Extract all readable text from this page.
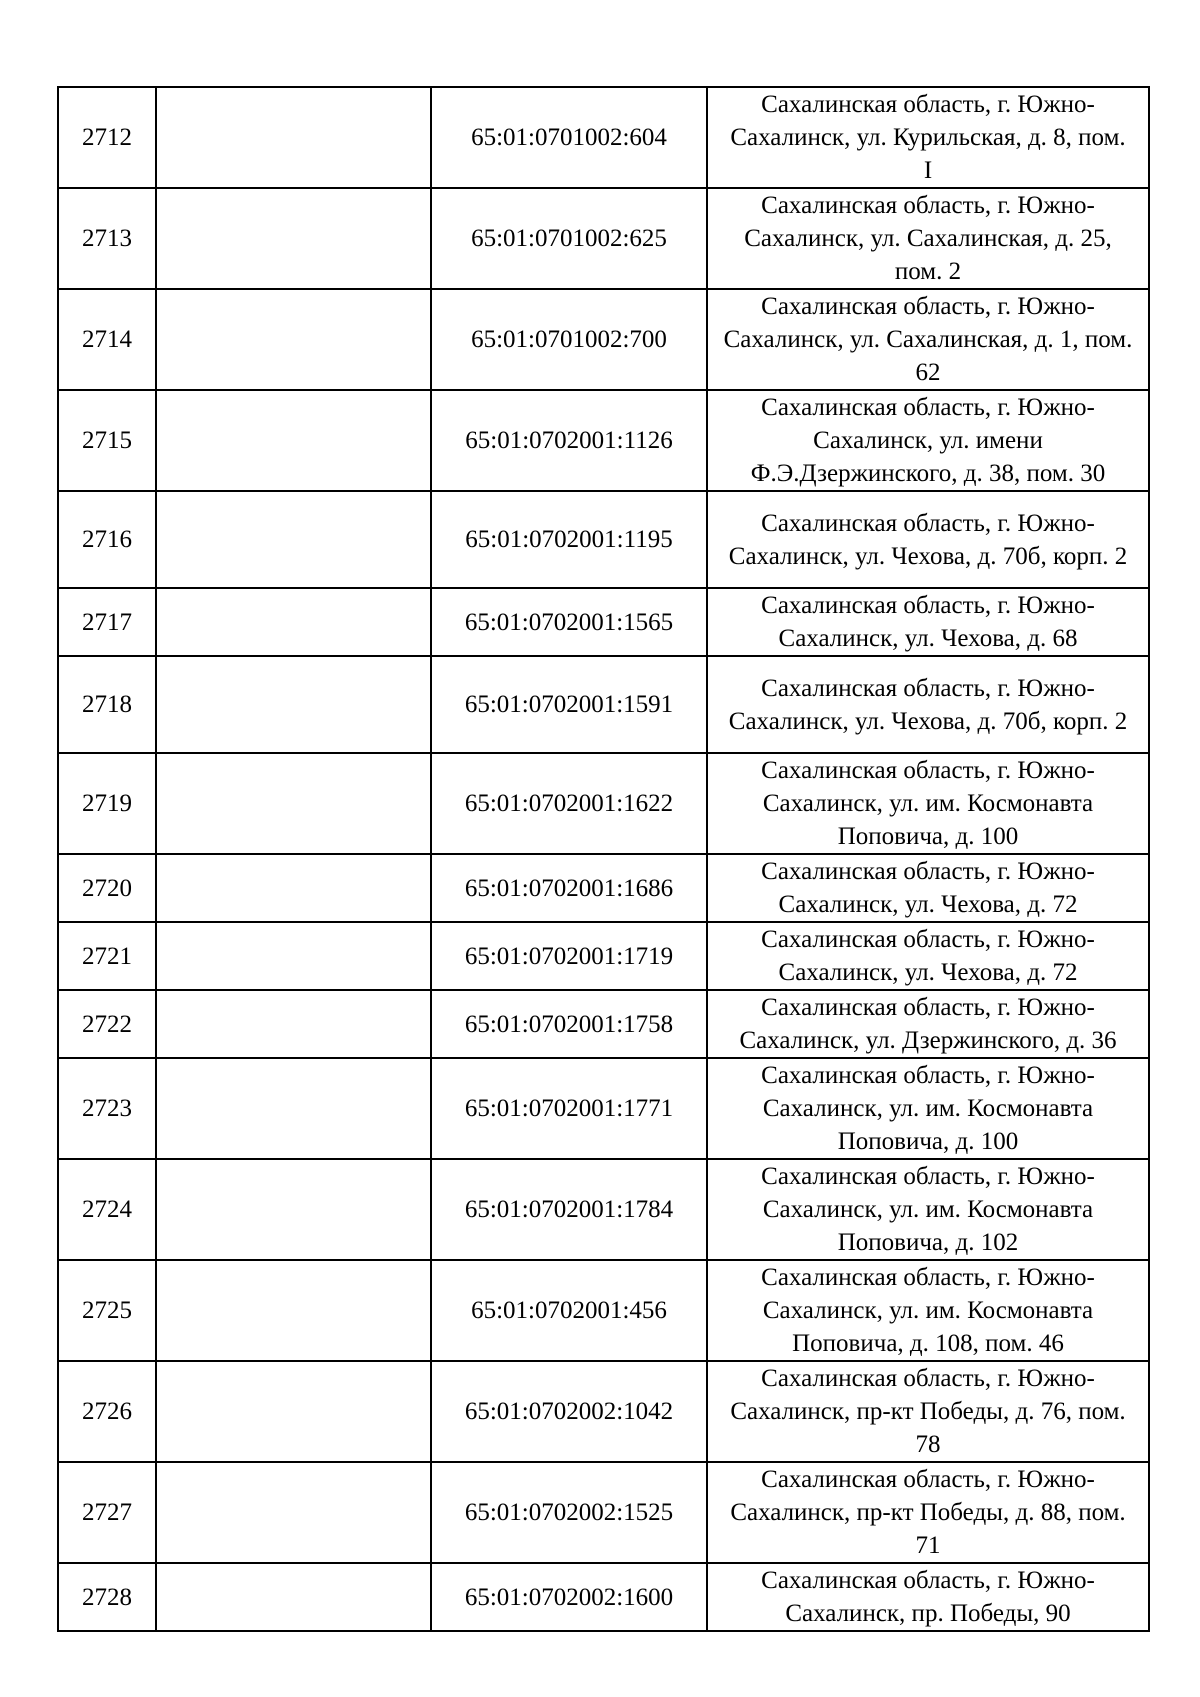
2712		65:01:0701002:604	Сахалинская область, г. Южно-
Сахалинск, ул. Курильская, д. 8, пом.
I
2713		65:01:0701002:625	Сахалинская область, г. Южно-
Сахалинск, ул. Сахалинская, д. 25,
пом. 2
2714		65:01:0701002:700	Сахалинская область, г. Южно-
Сахалинск, ул. Сахалинская, д. 1, пом.
62
2715		65:01:0702001:1126	Сахалинская область, г. Южно-
Сахалинск, ул. имени
Ф.Э.Дзержинского, д. 38, пом. 30
2716		65:01:0702001:1195	Сахалинская область, г. Южно-
Сахалинск, ул. Чехова, д. 70б, корп. 2
2717		65:01:0702001:1565	Сахалинская область, г. Южно-
Сахалинск, ул. Чехова, д. 68
2718		65:01:0702001:1591	Сахалинская область, г. Южно-
Сахалинск, ул. Чехова, д. 70б, корп. 2
2719		65:01:0702001:1622	Сахалинская область, г. Южно-
Сахалинск, ул. им. Космонавта
Поповича, д. 100
2720		65:01:0702001:1686	Сахалинская область, г. Южно-
Сахалинск, ул. Чехова, д. 72
2721		65:01:0702001:1719	Сахалинская область, г. Южно-
Сахалинск, ул. Чехова, д. 72
2722		65:01:0702001:1758	Сахалинская область, г. Южно-
Сахалинск, ул. Дзержинского, д. 36
2723		65:01:0702001:1771	Сахалинская область, г. Южно-
Сахалинск, ул. им. Космонавта
Поповича, д. 100
2724		65:01:0702001:1784	Сахалинская область, г. Южно-
Сахалинск, ул. им. Космонавта
Поповича, д. 102
2725		65:01:0702001:456	Сахалинская область, г. Южно-
Сахалинск, ул. им. Космонавта
Поповича, д. 108, пом. 46
2726		65:01:0702002:1042	Сахалинская область, г. Южно-
Сахалинск, пр-кт Победы, д. 76, пом.
78
2727		65:01:0702002:1525	Сахалинская область, г. Южно-
Сахалинск, пр-кт Победы, д. 88, пом.
71
2728		65:01:0702002:1600	Сахалинская область, г. Южно-
Сахалинск, пр. Победы, 90
